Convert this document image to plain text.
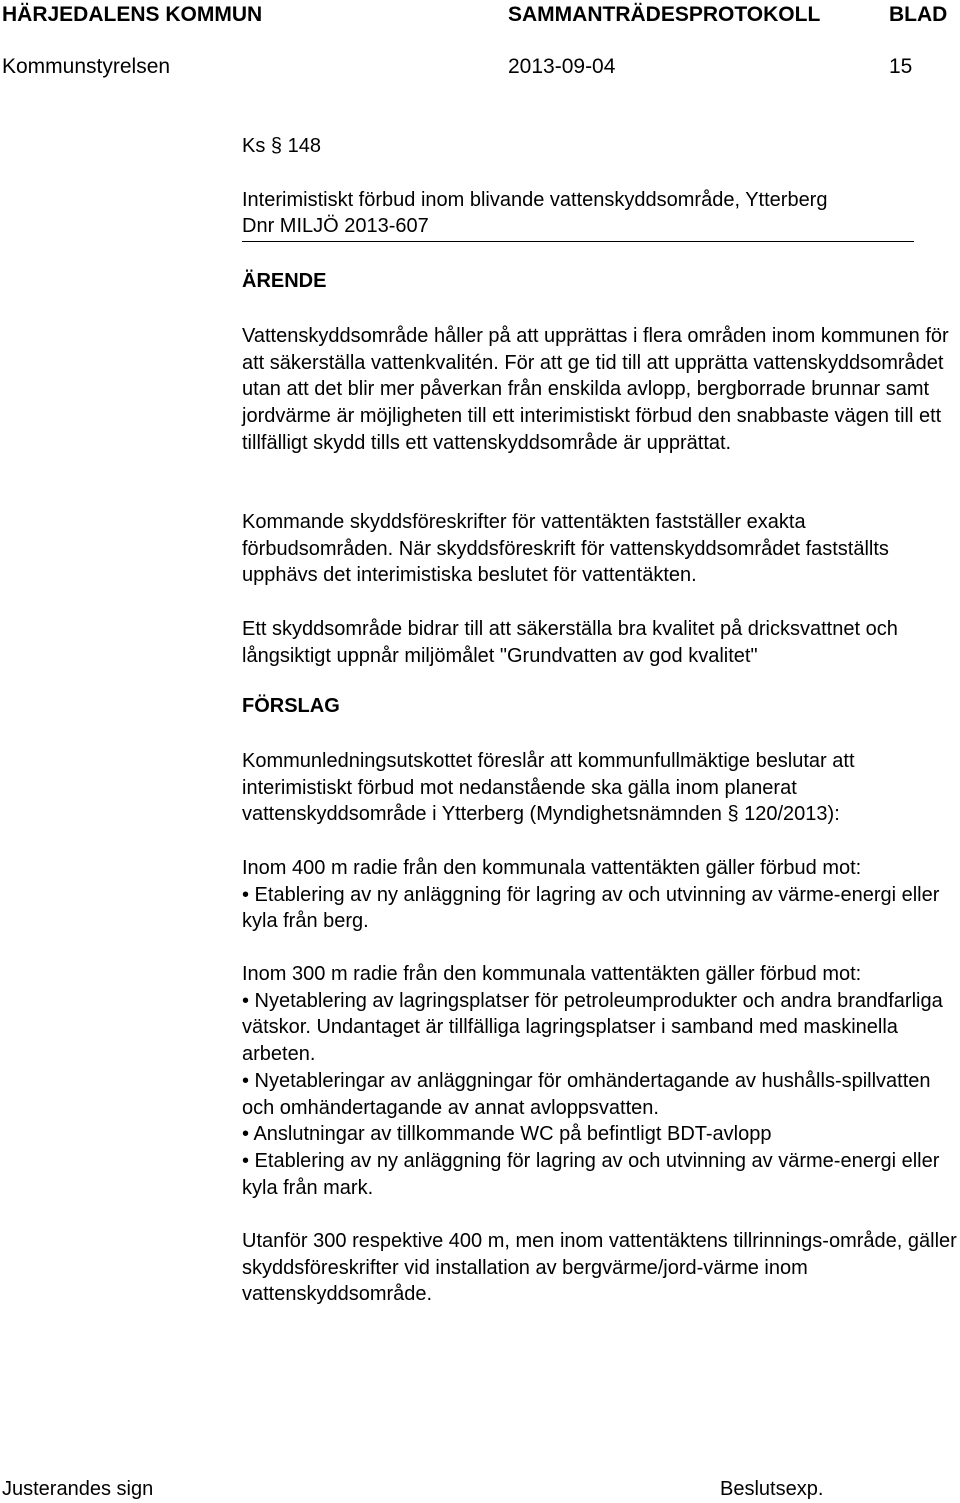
HÄRJEDALENS KOMMUN	SAMMANTRÄDESPROTOKOLL	BLAD
Kommunstyrelsen	2013-09-04	15
Ks § 148
Interimistiskt förbud inom blivande vattenskyddsområde, Ytterberg
Dnr MILJÖ 2013-607
ÄRENDE

Vattenskyddsområde håller på att upprättas i flera områden inom kommunen för att säkerställa vattenkvalitén. För att ge tid till att upprätta vattenskyddsområdet utan att det blir mer påverkan från enskilda avlopp, bergborrade brunnar samt jordvärme är möjligheten till ett interimistiskt förbud den snabbaste vägen till ett tillfälligt skydd tills ett vattenskyddsområde är upprättat.

Kommande skyddsföreskrifter för vattentäkten fastställer exakta förbudsområden. När skyddsföreskrift för vattenskyddsområdet fastställts upphävs det interimistiska beslutet för vattentäkten.

Ett skyddsområde bidrar till att säkerställa bra kvalitet på dricksvattnet och långsiktigt uppnår miljömålet "Grundvatten av god kvalitet"

FÖRSLAG

Kommunledningsutskottet föreslår att kommunfullmäktige beslutar att interimistiskt förbud mot nedanstående ska gälla inom planerat vattenskyddsområde i Ytterberg (Myndighetsnämnden § 120/2013):

Inom 400 m radie från den kommunala vattentäkten gäller förbud mot:

• Etablering av ny anläggning för lagring av och utvinning av värme-energi eller kyla från berg.

Inom 300 m radie från den kommunala vattentäkten gäller förbud mot:

• Nyetablering av lagringsplatser för petroleumprodukter och andra brandfarliga vätskor. Undantaget är tillfälliga lagringsplatser i samband med maskinella arbeten.

• Nyetableringar av anläggningar för omhändertagande av hushålls-spillvatten och omhändertagande av annat avloppsvatten.

• Anslutningar av tillkommande WC på befintligt BDT-avlopp

• Etablering av ny anläggning för lagring av och utvinning av värme-energi eller kyla från mark.

Utanför 300 respektive 400 m, men inom vattentäktens tillrinnings-område, gäller skyddsföreskrifter vid installation av bergvärme/jord-värme inom vattenskyddsområde.

Justerandes sign	Beslutsexp.
